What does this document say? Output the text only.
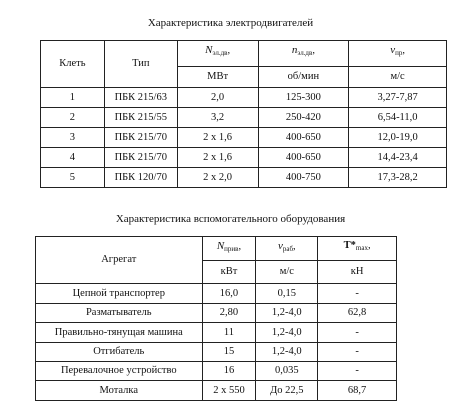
Характеристика электродвигателей
Клеть	Тип	$N_{эл.дв}$,	$n_{эл.дв}$,	$v_{пр}$,
		МВт	об/мин	м/с
1	ПБК 215/63	2,0	125-300	3,27-7,87
2	ПБК 215/55	3,2	250-420	6,54-11,0
3	ПБК 215/70	2 x 1,6	400-650	12,0-19,0
4	ПБК 215/70	2 x 1,6	400-650	14,4-23,4
5	ПБК 120/70	2 x 2,0	400-750	17,3-28,2
Характеристика вспомогательного оборудования
Агрегат	$N_{прив}$,	$v_{раб}$,	$T*_{max}$,
	кВт	м/с	кН
Цепной транспортер	16,0	0,15	-
Разматыватель	2,80	1,2-4,0	62,8
Правильно-тянущая машина	11	1,2-4,0	-
Отгибатель	15	1,2-4,0	-
Перевалочное устройство	16	0,035	-
Моталка	2 x 550	До 22,5	68,7
